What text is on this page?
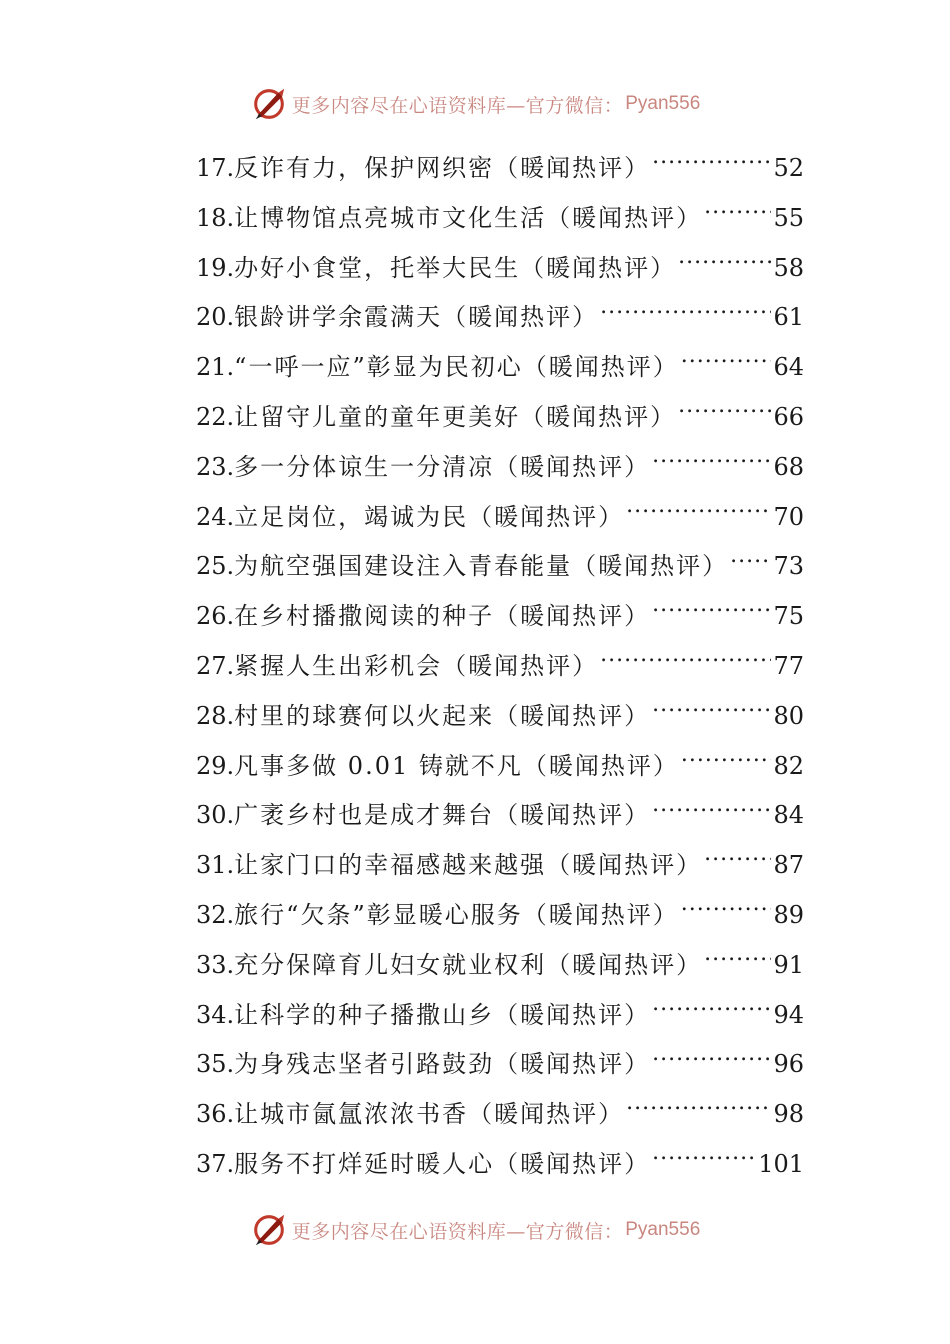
更多内容尽在心语资料库—官方微信： Pyan556
17. 反诈有力，保护网织密（暖闻热评） .....	52
18. 让博物馆点亮城市文化生活（暖闻热评） .....	55
19. 办好小食堂，托举大民生（暖闻热评） .....	58
20. 银龄讲学余霞满天（暖闻热评） .....	61
21. “一呼一应”彰显为民初心（暖闻热评） .....	64
22. 让留守儿童的童年更美好（暖闻热评） .....	66
23. 多一分体谅生一分清凉（暖闻热评） .....	68
24. 立足岗位，竭诚为民（暖闻热评） .....	70
25. 为航空强国建设注入青春能量（暖闻热评） ..... 73
26. 在乡村播撒阅读的种子（暖闻热评） .....	75
27. 紧握人生出彩机会（暖闻热评） .....	77
28. 村里的球赛何以火起来（暖闻热评） .....	80
29. 凡事多做 0.01 铸就不凡（暖闻热评） .....	82
30. 广袤乡村也是成才舞台（暖闻热评） .....	84
31. 让家门口的幸福感越来越强（暖闻热评） .....	87
32. 旅行“欠条”彰显暖心服务（暖闻热评） .....	89
33. 充分保障育儿妇女就业权利（暖闻热评） .....	91
34. 让科学的种子播撒山乡（暖闻热评） .....	94
35. 为身残志坚者引路鼓劲（暖闻热评） .....	96
36. 让城市氤氲浓浓书香（暖闻热评） .....	98
37. 服务不打烊延时暖人心（暖闻热评） .....	101
更多内容尽在心语资料库—官方微信： Pyan556
